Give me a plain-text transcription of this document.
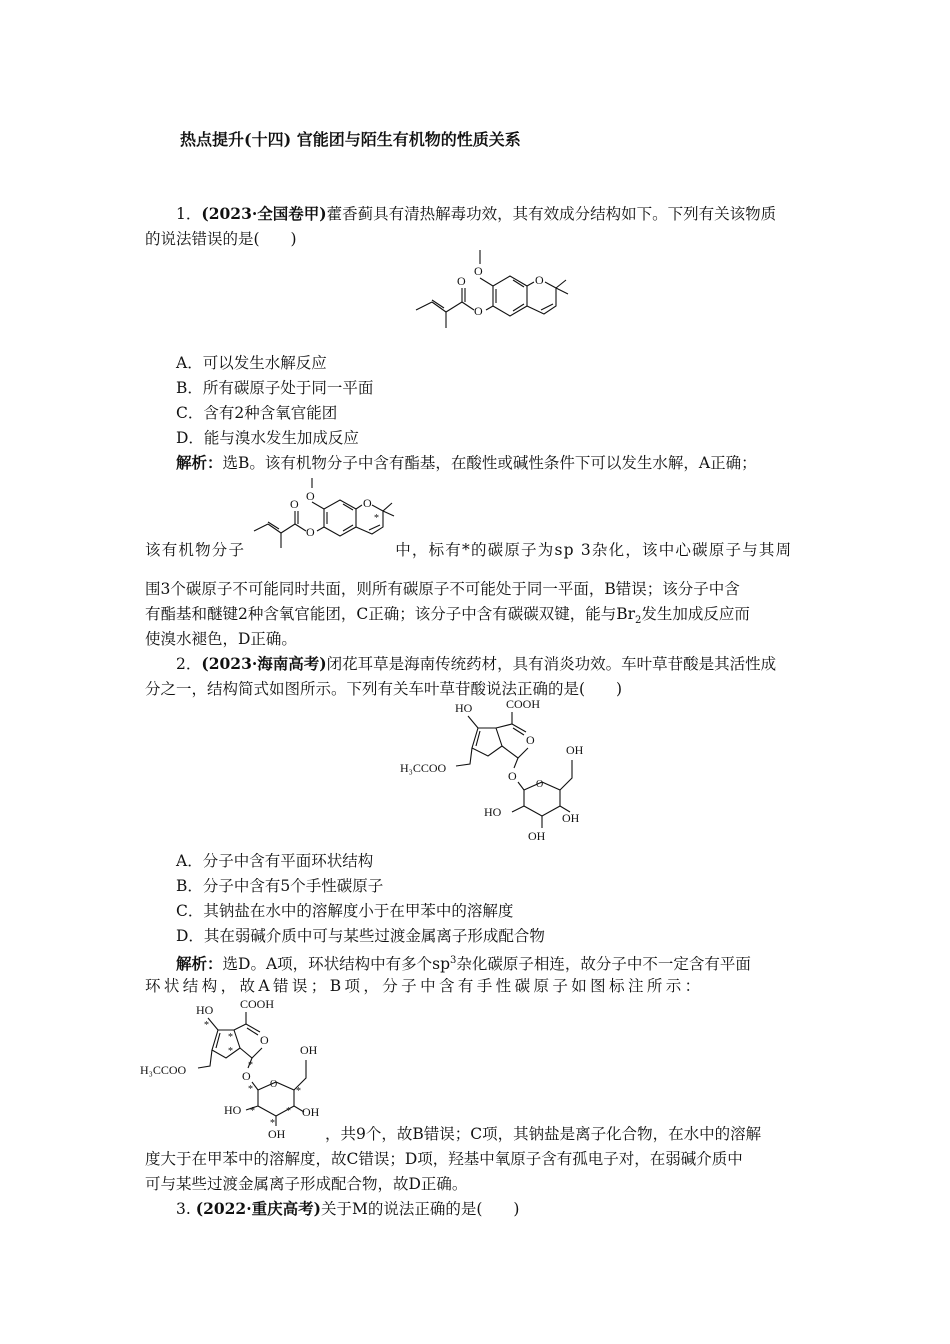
热点提升(十四) 官能团与陌生有机物的性质关系
1．(2023·全国卷甲)藿香蓟具有清热解毒功效，其有效成分结构如下。下列有关该物质
的说法错误的是(　　)
O
O
O
O
A．可以发生水解反应
B．所有碳原子处于同一平面
C．含有2种含氧官能团
D．能与溴水发生加成反应
解析：选B。该有机物分子中含有酯基，在酸性或碱性条件下可以发生水解，A正确；
O	O
*
O
O
该有机物分子	中，标有*的碳原子为sp 3杂化，该中心碳原子与其周
围3个碳原子不可能同时共面，则所有碳原子不可能处于同一平面，B错误；该分子中含
有酯基和醚键2种含氧官能团，C正确；该分子中含有碳碳双键，能与$Br_2$发生加成反应而
使溴水褪色，D正确。
2．(2023·海南高考)闭花耳草是海南传统药材，具有消炎功效。车叶草苷酸是其活性成
分之一，结构简式如图所示。下列有关车叶草苷酸说法正确的是(　　)
HO	COOH
O
H₃CCOO
O
O
OH
HO
OH
OH
A．分子中含有平面环状结构
B．分子中含有5个手性碳原子
C．其钠盐在水中的溶解度小于在甲苯中的溶解度
D．其在弱碱介质中可与某些过渡金属离子形成配合物
解析：选D。A项，环状结构中有多个$sp^3$杂化碳原子相连，故分子中不一定含有平面
环状结构，故A错误；B项，分子中含有手性碳原子如图标注所示：
HO COOH
*
* O
*
*
H₃CCOO	O
O
*	*
*
*
*
OH
HO
OH
OH
，共9个，故B错误；C项，其钠盐是离子化合物，在水中的溶解
度大于在甲苯中的溶解度，故C错误；D项，羟基中氧原子含有孤电子对，在弱碱介质中
可与某些过渡金属离子形成配合物，故D正确。
3. (2022·重庆高考)关于M的说法正确的是(　　)
